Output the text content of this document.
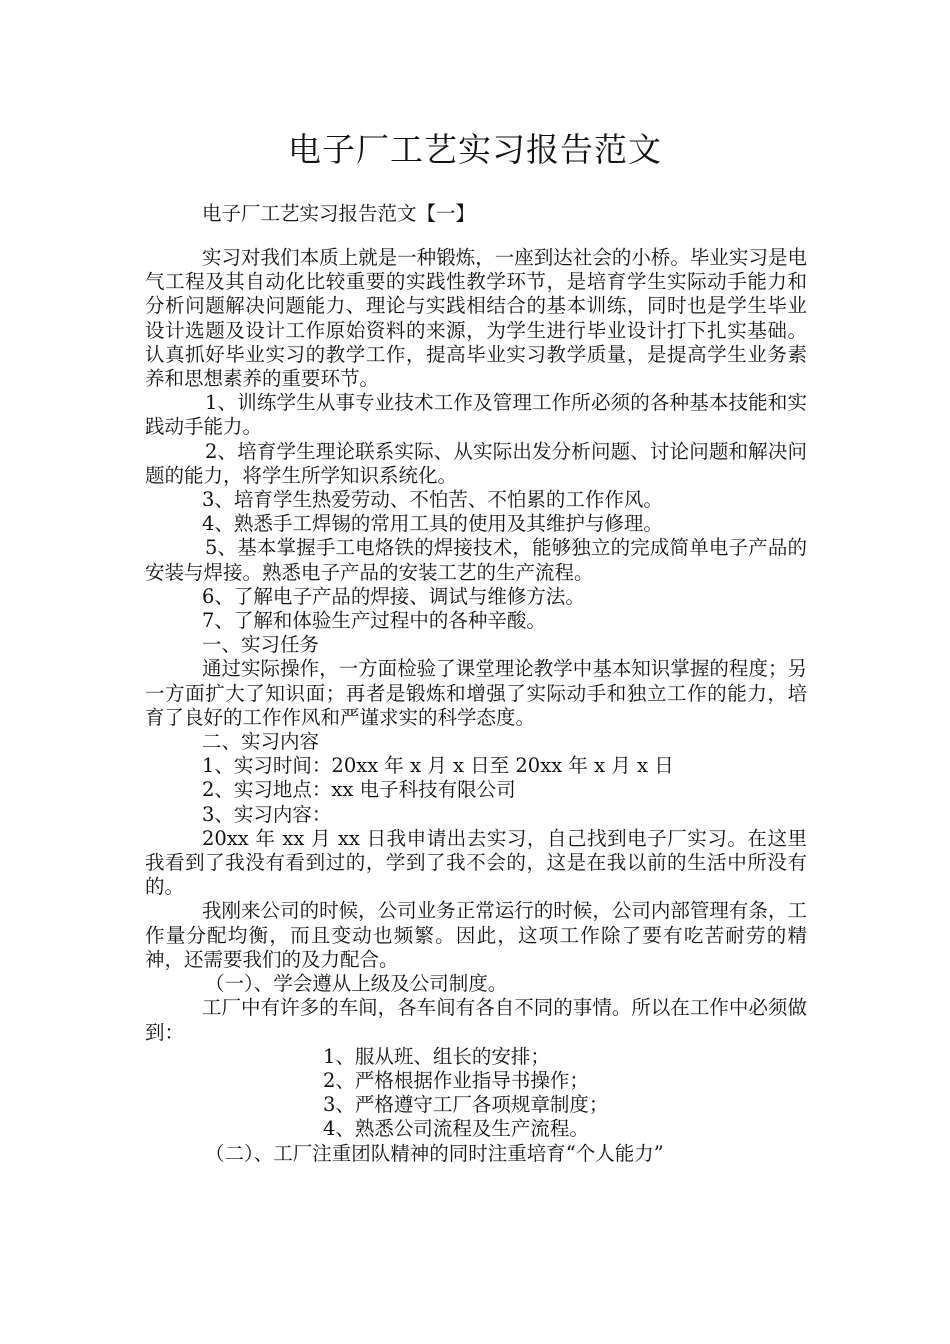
电子厂工艺实习报告范文
电子厂工艺实习报告范文【一】

实习对我们本质上就是一种锻炼，一座到达社会的小桥。毕业实习是电气工程及其自动化比较重要的实践性教学环节，是培育学生实际动手能力和分析问题解决问题能力、理论与实践相结合的基本训练，同时也是学生毕业设计选题及设计工作原始资料的来源，为学生进行毕业设计打下扎实基础。认真抓好毕业实习的教学工作，提高毕业实习教学质量，是提高学生业务素养和思想素养的重要环节。

1、训练学生从事专业技术工作及管理工作所必须的各种基本技能和实践动手能力。

2、培育学生理论联系实际、从实际出发分析问题、讨论问题和解决问题的能力，将学生所学知识系统化。

3、培育学生热爱劳动、不怕苦、不怕累的工作作风。

4、熟悉手工焊锡的常用工具的使用及其维护与修理。

5、基本掌握手工电烙铁的焊接技术，能够独立的完成简单电子产品的安装与焊接。熟悉电子产品的安装工艺的生产流程。

6、了解电子产品的焊接、调试与维修方法。

7、了解和体验生产过程中的各种辛酸。

一、实习任务

通过实际操作，一方面检验了课堂理论教学中基本知识掌握的程度；另一方面扩大了知识面；再者是锻炼和增强了实际动手和独立工作的能力，培育了良好的工作作风和严谨求实的科学态度。

二、实习内容

1、实习时间：20xx 年 x 月 x 日至 20xx 年 x 月 x 日

2、实习地点：xx 电子科技有限公司

3、实习内容：

20xx 年 xx 月 xx 日我申请出去实习，自己找到电子厂实习。在这里我看到了我没有看到过的，学到了我不会的，这是在我以前的生活中所没有的。

我刚来公司的时候，公司业务正常运行的时候，公司内部管理有条，工作量分配均衡，而且变动也频繁。因此，这项工作除了要有吃苦耐劳的精神，还需要我们的及力配合。

（一）、学会遵从上级及公司制度。

工厂中有许多的车间，各车间有各自不同的事情。所以在工作中必须做到：

1、服从班、组长的安排；

2、严格根据作业指导书操作；

3、严格遵守工厂各项规章制度；

4、熟悉公司流程及生产流程。

（二）、工厂注重团队精神的同时注重培育“个人能力”
